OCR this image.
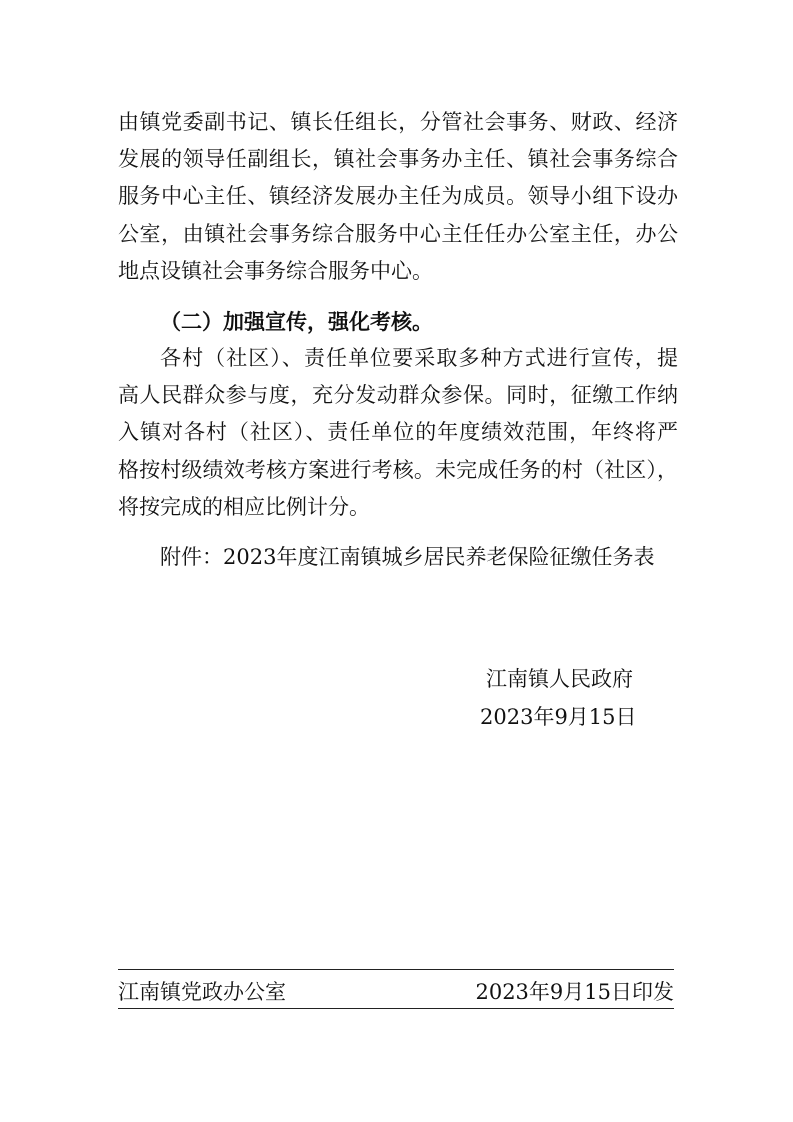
由镇党委副书记、镇长任组长，分管社会事务、财政、经济
发展的领导任副组长，镇社会事务办主任、镇社会事务综合
服务中心主任、镇经济发展办主任为成员。领导小组下设办
公室，由镇社会事务综合服务中心主任任办公室主任，办公
地点设镇社会事务综合服务中心。
（二）加强宣传，强化考核。
各村（社区）、责任单位要采取多种方式进行宣传，提
高人民群众参与度，充分发动群众参保。同时，征缴工作纳
入镇对各村（社区）、责任单位的年度绩效范围，年终将严
格按村级绩效考核方案进行考核。未完成任务的村（社区），
将按完成的相应比例计分。
附件：2023年度江南镇城乡居民养老保险征缴任务表
江南镇人民政府
2023年9月15日
江南镇党政办公室	2023年9月15日印发
